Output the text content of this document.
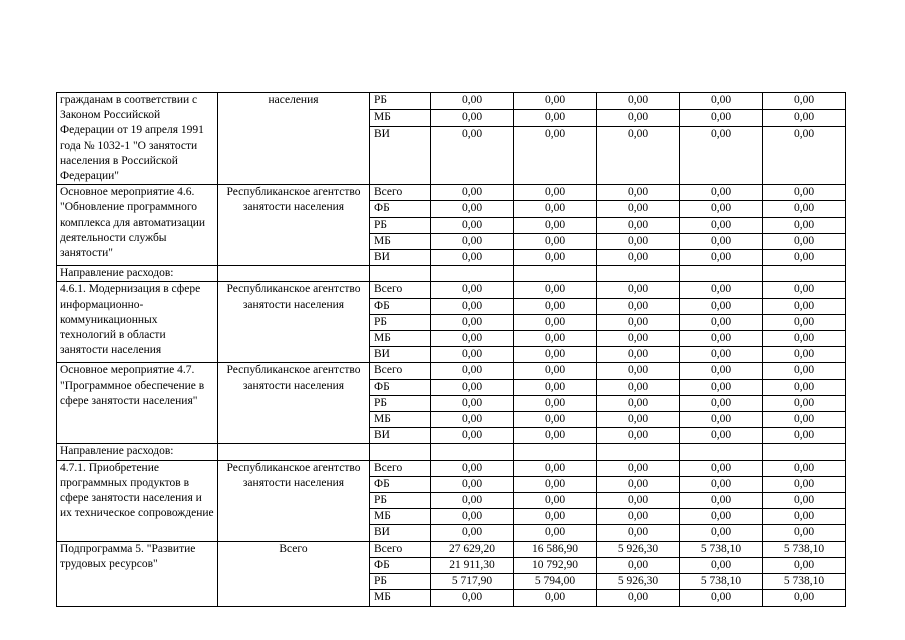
гражданам в соответствии с Законом Российской Федерации от 19 апреля 1991 года № 1032-1 "О занятости населения в Российской Федерации"	населения	РБ	0,00	0,00	0,00	0,00	0,00
		МБ	0,00	0,00	0,00	0,00	0,00
		ВИ	0,00	0,00	0,00	0,00	0,00
Основное мероприятие 4.6. "Обновление программного комплекса для автоматизации деятельности службы занятости"	Республиканское агентство занятости населения	Всего	0,00	0,00	0,00	0,00	0,00
		ФБ	0,00	0,00	0,00	0,00	0,00
		РБ	0,00	0,00	0,00	0,00	0,00
		МБ	0,00	0,00	0,00	0,00	0,00
		ВИ	0,00	0,00	0,00	0,00	0,00
Направление расходов:							
4.6.1. Модернизация в сфере информационно-коммуникационных технологий в области занятости населения	Республиканское агентство занятости населения	Всего	0,00	0,00	0,00	0,00	0,00
		ФБ	0,00	0,00	0,00	0,00	0,00
		РБ	0,00	0,00	0,00	0,00	0,00
		МБ	0,00	0,00	0,00	0,00	0,00
		ВИ	0,00	0,00	0,00	0,00	0,00
Основное мероприятие 4.7. "Программное обеспечение в сфере занятости населения"	Республиканское агентство занятости населения	Всего	0,00	0,00	0,00	0,00	0,00
		ФБ	0,00	0,00	0,00	0,00	0,00
		РБ	0,00	0,00	0,00	0,00	0,00
		МБ	0,00	0,00	0,00	0,00	0,00
		ВИ	0,00	0,00	0,00	0,00	0,00
Направление расходов:							
4.7.1. Приобретение программных продуктов в сфере занятости населения и их техническое сопровождение	Республиканское агентство занятости населения	Всего	0,00	0,00	0,00	0,00	0,00
		ФБ	0,00	0,00	0,00	0,00	0,00
		РБ	0,00	0,00	0,00	0,00	0,00
		МБ	0,00	0,00	0,00	0,00	0,00
		ВИ	0,00	0,00	0,00	0,00	0,00
Подпрограмма 5. "Развитие трудовых ресурсов"	Всего	Всего	27 629,20	16 586,90	5 926,30	5 738,10	5 738,10
		ФБ	21 911,30	10 792,90	0,00	0,00	0,00
		РБ	5 717,90	5 794,00	5 926,30	5 738,10	5 738,10
		МБ	0,00	0,00	0,00	0,00	0,00
